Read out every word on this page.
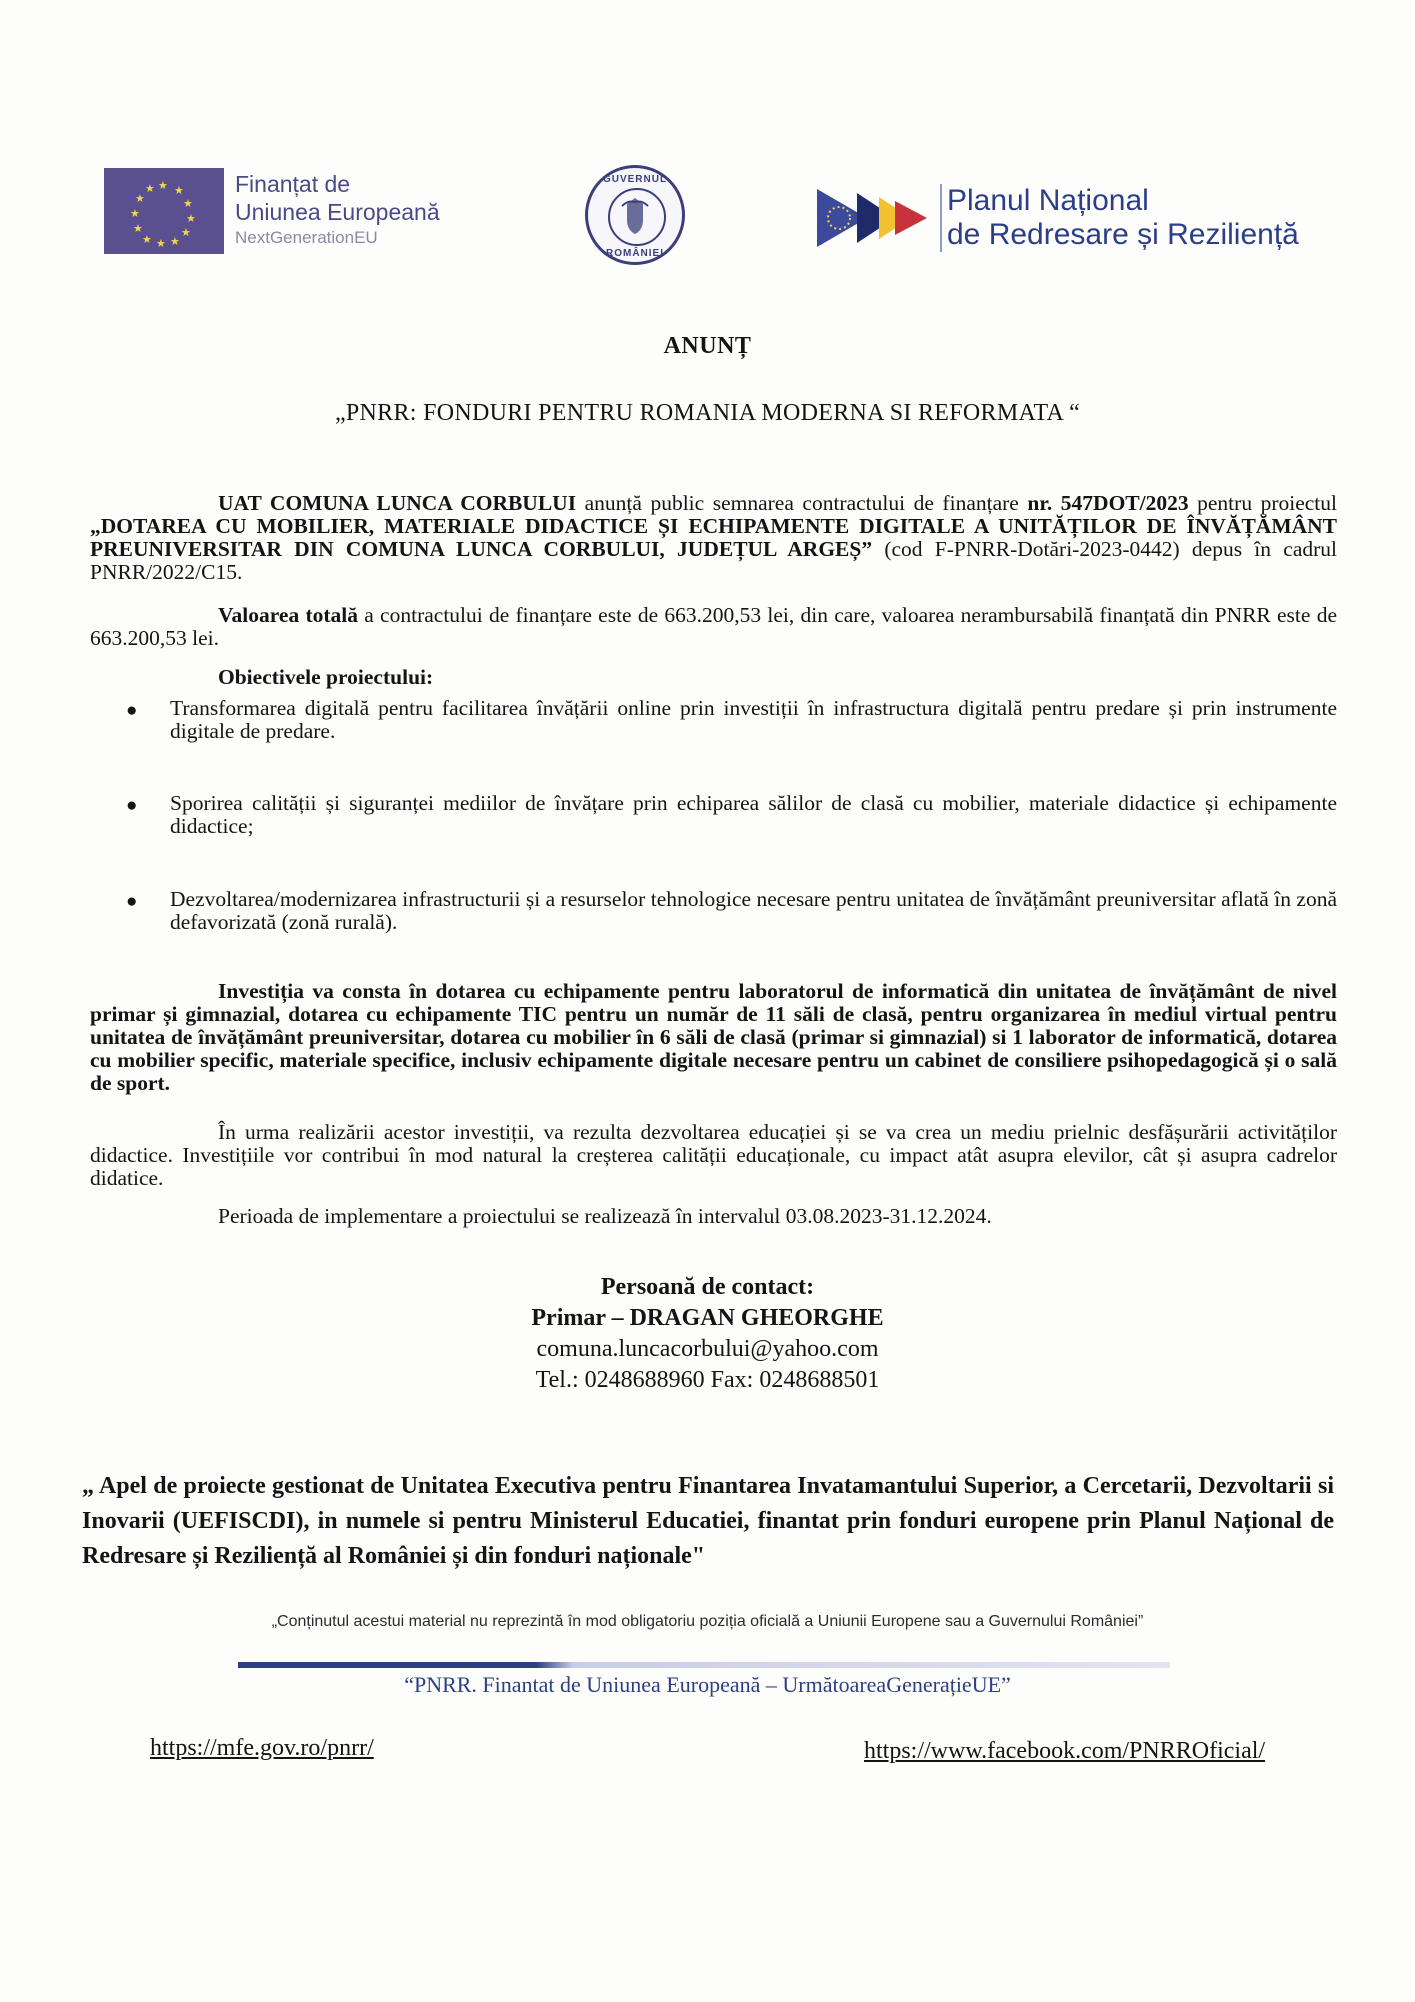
★ ★
★
★
★
★
★
★
★
★
★
★	Finanțat de
Uniunea Europeană
NextGenerationEU
GUVERNUL
ROMÂNIEI
Planul Național
de Redresare și Reziliență
ANUNȚ
„PNRR: FONDURI PENTRU ROMANIA MODERNA SI REFORMATA “
UAT COMUNA LUNCA CORBULUI anunță public semnarea contractului de finanțare nr. 547DOT/2023 pentru proiectul „DOTAREA CU MOBILIER, MATERIALE DIDACTICE ȘI ECHIPAMENTE DIGITALE A UNITĂȚILOR DE ÎNVĂȚĂMÂNT PREUNIVERSITAR DIN COMUNA LUNCA CORBULUI, JUDEȚUL ARGEȘ” (cod F-PNRR-Dotări-2023-0442) depus în cadrul PNRR/2022/C15.
Valoarea totală a contractului de finanțare este de 663.200,53 lei, din care, valoarea nerambursabilă finanțată din PNRR este de 663.200,53 lei.
Obiectivele proiectului:
● Transformarea digitală pentru facilitarea învățării online prin investiții în infrastructura digitală pentru predare și prin instrumente digitale de predare.
● Sporirea calității și siguranței mediilor de învățare prin echiparea sălilor de clasă cu mobilier, materiale didactice și echipamente didactice;
● Dezvoltarea/modernizarea infrastructurii și a resurselor tehnologice necesare pentru unitatea de învățământ preuniversitar aflată în zonă defavorizată (zonă rurală).
Investiția va consta în dotarea cu echipamente pentru laboratorul de informatică din unitatea de învățământ de nivel primar și gimnazial, dotarea cu echipamente TIC pentru un număr de 11 săli de clasă, pentru organizarea în mediul virtual pentru unitatea de învățământ preuniversitar, dotarea cu mobilier în 6 săli de clasă (primar si gimnazial) si 1 laborator de informatică, dotarea cu mobilier specific, materiale specifice, inclusiv echipamente digitale necesare pentru un cabinet de consiliere psihopedagogică și o sală de sport.
În urma realizării acestor investiții, va rezulta dezvoltarea educației și se va crea un mediu prielnic desfășurării activităților didactice. Investițiile vor contribui în mod natural la creșterea calității educaționale, cu impact atât asupra elevilor, cât și asupra cadrelor didatice.
Perioada de implementare a proiectului se realizează în intervalul 03.08.2023-31.12.2024.
Persoană de contact:
Primar – DRAGAN GHEORGHE
comuna.luncacorbului@yahoo.com
Tel.: 0248688960 Fax: 0248688501
„ Apel de proiecte gestionat de Unitatea Executiva pentru Finantarea Invatamantului Superior, a Cercetarii, Dezvoltarii si Inovarii (UEFISCDI), in numele si pentru Ministerul Educatiei, finantat prin fonduri europene prin Planul Național de Redresare și Reziliență al României și din fonduri naționale"
„Conținutul acestui material nu reprezintă în mod obligatoriu poziția oficială a Uniunii Europene sau a Guvernului României”
“PNRR. Finantat de Uniunea Europeană – UrmătoareaGenerațieUE”
https://mfe.gov.ro/pnrr/	https://www.facebook.com/PNRROficial/
